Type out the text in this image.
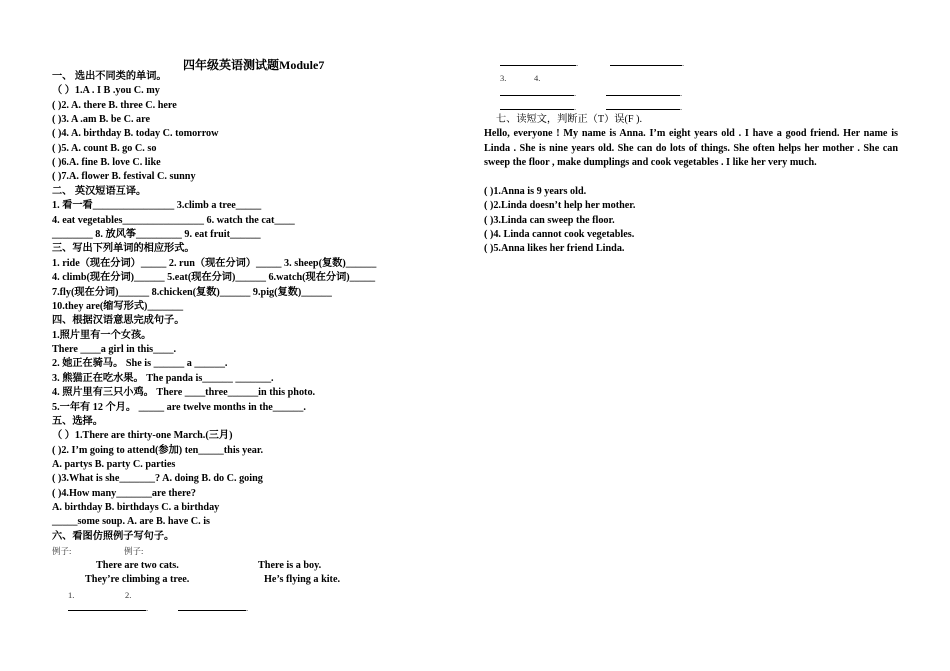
四年级英语测试题Module7
一、 选出不同类的单词。
（ ）1.A . I B .you C. my
( )2. A. there B. three C. here
( )3. A .am B. be C. are
( )4. A. birthday B. today C. tomorrow
( )5. A. count B. go C. so
( )6.A. fine B. love C. like
( )7.A. flower B. festival C. sunny
二、 英汉短语互译。
1. 看一看________________ 3.climb a tree_____
4. eat vegetables________________ 6. watch the cat____
________ 8. 放风筝_________ 9. eat fruit______
三、写出下列单词的相应形式。
1. ride（现在分词）_____ 2. run（现在分词）_____ 3. sheep(复数)______
4. climb(现在分词)______ 5.eat(现在分词)______ 6.watch(现在分词)_____
7.fly(现在分词)______ 8.chicken(复数)______ 9.pig(复数)______
10.they are(缩写形式)_______
四、根据汉语意思完成句子。
1.照片里有一个女孩。
There ____a girl in this____.
2. 她正在骑马。 She is ______ a ______.
3. 熊猫正在吃水果。 The panda is______ _______.
4. 照片里有三只小鸡。 There ____three______in this photo.
5.一年有 12 个月。 _____ are twelve months in the______.
五、选择。
（ ）1.There are thirty-one March.(三月)
( )2. I’m going to attend(参加) ten_____this year.
A. partys B. party C. parties
( )3.What is she_______? A. doing B. do C. going
( )4.How many_______are there?
A. birthday B. birthdays C. a birthday
_____some soup. A. are B. have C. is
六、看图仿照例子写句子。
例子:	例子:
There are two cats.	There is a boy.
They’re climbing a tree.	He’s flying a kite.
1.	2.
.	.
.	.
3.	4.
.	.
.	.
七、读短文，判断正（T）误(F ).
Hello, everyone ! My name is Anna. I’m eight years old . I have a good friend. Her name is Linda . She is nine years old. She can do lots of things. She often helps her mother . She can sweep the floor , make dumplings and cook vegetables . I like her very much.
( )1.Anna is 9 years old.
( )2.Linda doesn’t help her mother.
( )3.Linda can sweep the floor.
( )4. Linda cannot cook vegetables.
( )5.Anna likes her friend Linda.
